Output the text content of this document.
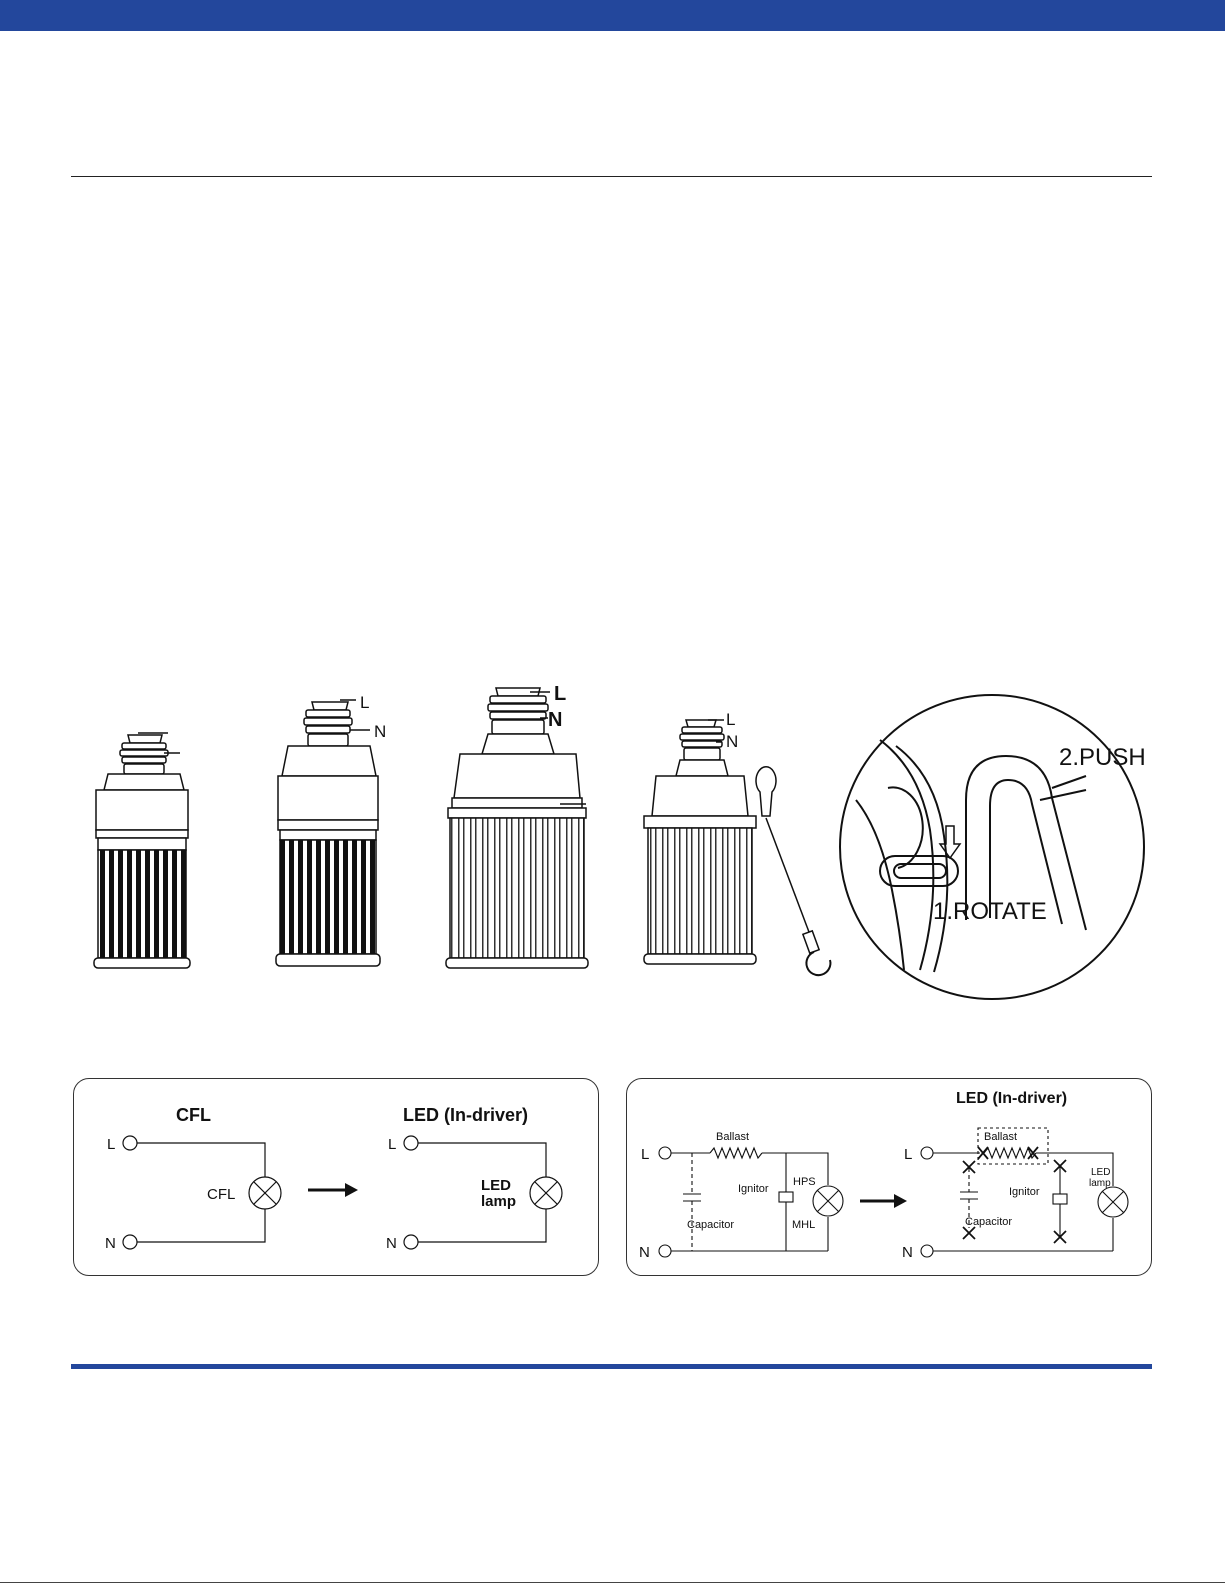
L
N
L
N	L
N
2.PUSH
1.ROTATE
CFL	LED (In-driver)
L
N
CFL
L
N
LED
lamp
LED (In-driver)
L
N
Ballast
Ignitor
Capacitor
HPS
MHL
L
N
Ballast
Ignitor
Capacitor
LED
lamp
